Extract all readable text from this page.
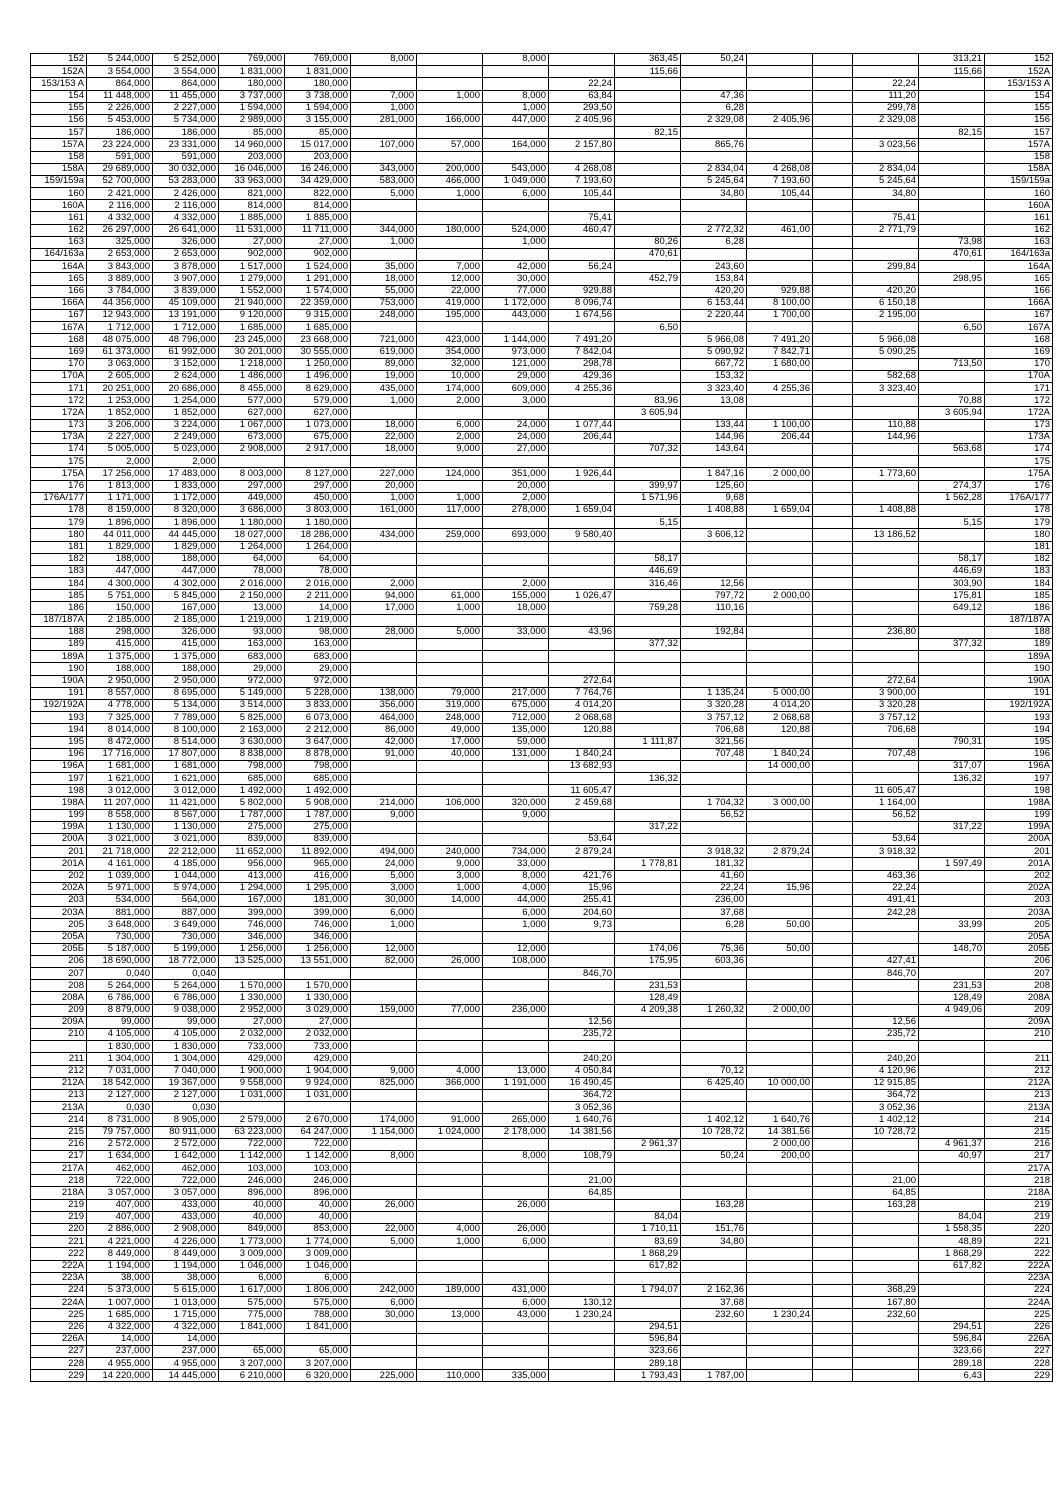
152	5 244,000	5 252,000	769,000	769,000	8,000		8,000		363,45	50,24				313,21	152
152A	3 554,000	3 554,000	1 831,000	1 831,000					115,66					115,66	152A
153/153 A	864,000	864,000	180,000	180,000				22,24					22,24		153/153 A
154	11 448,000	11 455,000	3 737,000	3 738,000	7,000	1,000	8,000	63,84		47,36			111,20		154
155	2 226,000	2 227,000	1 594,000	1 594,000	1,000		1,000	293,50		6,28			299,78		155
156	5 453,000	5 734,000	2 989,000	3 155,000	281,000	166,000	447,000	2 405,96		2 329,08	2 405,96		2 329,08		156
157	186,000	186,000	85,000	85,000					82,15					82,15	157
157A	23 224,000	23 331,000	14 960,000	15 017,000	107,000	57,000	164,000	2 157,80		865,76			3 023,56		157A
158	591,000	591,000	203,000	203,000											158
158A	29 689,000	30 032,000	16 046,000	16 246,000	343,000	200,000	543,000	4 268,08		2 834,04	4 268,08		2 834,04		158A
159/159a	52 700,000	53 283,000	33 963,000	34 429,000	583,000	466,000	1 049,000	7 193,60		5 245,64	7 193,60		5 245,64		159/159a
160	2 421,000	2 426,000	821,000	822,000	5,000	1,000	6,000	105,44		34,80	105,44		34,80		160
160A	2 116,000	2 116,000	814,000	814,000											160A
161	4 332,000	4 332,000	1 885,000	1 885,000				75,41					75,41		161
162	26 297,000	26 641,000	11 531,000	11 711,000	344,000	180,000	524,000	460,47		2 772,32	461,00		2 771,79		162
163	325,000	326,000	27,000	27,000	1,000		1,000		80,26	6,28				73,98	163
164/163a	2 653,000	2 653,000	902,000	902,000					470,61					470,61	164/163a
164A	3 843,000	3 878,000	1 517,000	1 524,000	35,000	7,000	42,000	56,24		243,60			299,84		164A
165	3 889,000	3 907,000	1 279,000	1 291,000	18,000	12,000	30,000		452,79	153,84				298,95	165
166	3 784,000	3 839,000	1 552,000	1 574,000	55,000	22,000	77,000	929,88		420,20	929,88		420,20		166
166A	44 356,000	45 109,000	21 940,000	22 359,000	753,000	419,000	1 172,000	8 096,74		6 153,44	8 100,00		6 150,18		166A
167	12 943,000	13 191,000	9 120,000	9 315,000	248,000	195,000	443,000	1 674,56		2 220,44	1 700,00		2 195,00		167
167A	1 712,000	1 712,000	1 685,000	1 685,000					6,50					6,50	167A
168	48 075,000	48 796,000	23 245,000	23 668,000	721,000	423,000	1 144,000	7 491,20		5 966,08	7 491,20		5 966,08		168
169	61 373,000	61 992,000	30 201,000	30 555,000	619,000	354,000	973,000	7 842,04		5 090,92	7 842,71		5 090,25		169
170	3 063,000	3 152,000	1 218,000	1 250,000	89,000	32,000	121,000	298,78		667,72	1 680,00			713,50	170
170A	2 605,000	2 624,000	1 486,000	1 496,000	19,000	10,000	29,000	429,36		153,32			582,68		170A
171	20 251,000	20 686,000	8 455,000	8 629,000	435,000	174,000	609,000	4 255,36		3 323,40	4 255,36		3 323,40		171
172	1 253,000	1 254,000	577,000	579,000	1,000	2,000	3,000		83,96	13,08				70,88	172
172A	1 852,000	1 852,000	627,000	627,000					3 605,94					3 605,94	172A
173	3 206,000	3 224,000	1 067,000	1 073,000	18,000	6,000	24,000	1 077,44		133,44	1 100,00		110,88		173
173A	2 227,000	2 249,000	673,000	675,000	22,000	2,000	24,000	206,44		144,96	206,44		144,96		173A
174	5 005,000	5 023,000	2 908,000	2 917,000	18,000	9,000	27,000		707,32	143,64				563,68	174
175	2,000	2,000													175
175A	17 256,000	17 483,000	8 003,000	8 127,000	227,000	124,000	351,000	1 926,44		1 847,16	2 000,00		1 773,60		175A
176	1 813,000	1 833,000	297,000	297,000	20,000		20,000		399,97	125,60				274,37	176
176A/177	1 171,000	1 172,000	449,000	450,000	1,000	1,000	2,000		1 571,96	9,68				1 562,28	176A/177
178	8 159,000	8 320,000	3 686,000	3 803,000	161,000	117,000	278,000	1 659,04		1 408,88	1 659,04		1 408,88		178
179	1 896,000	1 896,000	1 180,000	1 180,000					5,15					5,15	179
180	44 011,000	44 445,000	18 027,000	18 286,000	434,000	259,000	693,000	9 580,40		3 606,12			13 186,52		180
181	1 829,000	1 829,000	1 264,000	1 264,000											181
182	188,000	188,000	64,000	64,000					58,17					58,17	182
183	447,000	447,000	78,000	78,000					446,69					446,69	183
184	4 300,000	4 302,000	2 016,000	2 016,000	2,000		2,000		316,46	12,56				303,90	184
185	5 751,000	5 845,000	2 150,000	2 211,000	94,000	61,000	155,000	1 026,47		797,72	2 000,00			175,81	185
186	150,000	167,000	13,000	14,000	17,000	1,000	18,000		759,28	110,16				649,12	186
187/187A	2 185,000	2 185,000	1 219,000	1 219,000											187/187A
188	298,000	326,000	93,000	98,000	28,000	5,000	33,000	43,96		192,84			236,80		188
189	415,000	415,000	163,000	163,000					377,32					377,32	189
189A	1 375,000	1 375,000	683,000	683,000											189A
190	188,000	188,000	29,000	29,000											190
190A	2 950,000	2 950,000	972,000	972,000				272,64					272,64		190A
191	8 557,000	8 695,000	5 149,000	5 228,000	138,000	79,000	217,000	7 764,76		1 135,24	5 000,00		3 900,00		191
192/192A	4 778,000	5 134,000	3 514,000	3 833,000	356,000	319,000	675,000	4 014,20		3 320,28	4 014,20		3 320,28		192/192A
193	7 325,000	7 789,000	5 825,000	6 073,000	464,000	248,000	712,000	2 068,68		3 757,12	2 068,68		3 757,12		193
194	8 014,000	8 100,000	2 163,000	2 212,000	86,000	49,000	135,000	120,88		706,68	120,88		706,68		194
195	8 472,000	8 514,000	3 630,000	3 647,000	42,000	17,000	59,000		1 111,87	321,56				790,31	195
196	17 716,000	17 807,000	8 838,000	8 878,000	91,000	40,000	131,000	1 840,24		707,48	1 840,24		707,48		196
196A	1 681,000	1 681,000	798,000	798,000				13 682,93			14 000,00			317,07	196A
197	1 621,000	1 621,000	685,000	685,000					136,32					136,32	197
198	3 012,000	3 012,000	1 492,000	1 492,000				11 605,47					11 605,47		198
198A	11 207,000	11 421,000	5 802,000	5 908,000	214,000	106,000	320,000	2 459,68		1 704,32	3 000,00		1 164,00		198A
199	8 558,000	8 567,000	1 787,000	1 787,000	9,000		9,000			56,52			56,52		199
199A	1 130,000	1 130,000	275,000	275,000					317,22					317,22	199A
200A	3 021,000	3 021,000	839,000	839,000				53,64					53,64		200A
201	21 718,000	22 212,000	11 652,000	11 892,000	494,000	240,000	734,000	2 879,24		3 918,32	2 879,24		3 918,32		201
201A	4 161,000	4 185,000	956,000	965,000	24,000	9,000	33,000		1 778,81	181,32				1 597,49	201A
202	1 039,000	1 044,000	413,000	416,000	5,000	3,000	8,000	421,76		41,60			463,36		202
202A	5 971,000	5 974,000	1 294,000	1 295,000	3,000	1,000	4,000	15,96		22,24	15,96		22,24		202A
203	534,000	564,000	167,000	181,000	30,000	14,000	44,000	255,41		236,00			491,41		203
203A	881,000	887,000	399,000	399,000	6,000		6,000	204,60		37,68			242,28		203A
205	3 648,000	3 649,000	746,000	746,000	1,000		1,000	9,73		6,28	50,00			33,99	205
205A	730,000	730,000	346,000	346,000											205A
205Б	5 187,000	5 199,000	1 256,000	1 256,000	12,000		12,000		174,06	75,36	50,00			148,70	205Б
206	18 690,000	18 772,000	13 525,000	13 551,000	82,000	26,000	108,000		175,95	603,36			427,41		206
207	0,040	0,040						846,70					846,70		207
208	5 264,000	5 264,000	1 570,000	1 570,000					231,53					231,53	208
208A	6 786,000	6 786,000	1 330,000	1 330,000					128,49					128,49	208A
209	8 879,000	9 038,000	2 952,000	3 029,000	159,000	77,000	236,000		4 209,38	1 260,32	2 000,00			4 949,06	209
209A	99,000	99,000	27,000	27,000				12,56					12,56		209A
210	4 105,000	4 105,000	2 032,000	2 032,000				235,72					235,72		210
	1 830,000	1 830,000	733,000	733,000											
211	1 304,000	1 304,000	429,000	429,000				240,20					240,20		211
212	7 031,000	7 040,000	1 900,000	1 904,000	9,000	4,000	13,000	4 050,84		70,12			4 120,96		212
212A	18 542,000	19 367,000	9 558,000	9 924,000	825,000	366,000	1 191,000	16 490,45		6 425,40	10 000,00		12 915,85		212A
213	2 127,000	2 127,000	1 031,000	1 031,000				364,72					364,72		213
213A	0,030	0,030						3 052,36					3 052,36		213A
214	8 731,000	8 905,000	2 579,000	2 670,000	174,000	91,000	265,000	1 640,76		1 402,12	1 640,76		1 402,12		214
215	79 757,000	80 911,000	63 223,000	64 247,000	1 154,000	1 024,000	2 178,000	14 381,56		10 728,72	14 381,56		10 728,72		215
216	2 572,000	2 572,000	722,000	722,000					2 961,37		2 000,00			4 961,37	216
217	1 634,000	1 642,000	1 142,000	1 142,000	8,000		8,000	108,79		50,24	200,00			40,97	217
217A	462,000	462,000	103,000	103,000											217A
218	722,000	722,000	246,000	246,000				21,00					21,00		218
218A	3 057,000	3 057,000	896,000	896,000				64,85					64,85		218A
219	407,000	433,000	40,000	40,000	26,000		26,000			163,28			163,28		219
219	407,000	433,000	40,000	40,000					84,04					84,04	219
220	2 886,000	2 908,000	849,000	853,000	22,000	4,000	26,000		1 710,11	151,76				1 558,35	220
221	4 221,000	4 226,000	1 773,000	1 774,000	5,000	1,000	6,000		83,69	34,80				48,89	221
222	8 449,000	8 449,000	3 009,000	3 009,000					1 868,29					1 868,29	222
222A	1 194,000	1 194,000	1 046,000	1 046,000					617,82					617,82	222A
223A	38,000	38,000	6,000	6,000											223A
224	5 373,000	5 615,000	1 617,000	1 806,000	242,000	189,000	431,000		1 794,07	2 162,36			368,29		224
224A	1 007,000	1 013,000	575,000	575,000	6,000		6,000	130,12		37,68			167,80		224A
225	1 685,000	1 715,000	775,000	788,000	30,000	13,000	43,000	1 230,24		232,60	1 230,24		232,60		225
226	4 322,000	4 322,000	1 841,000	1 841,000					294,51					294,51	226
226A	14,000	14,000							596,84					596,84	226A
227	237,000	237,000	65,000	65,000					323,66					323,66	227
228	4 955,000	4 955,000	3 207,000	3 207,000					289,18					289,18	228
229	14 220,000	14 445,000	6 210,000	6 320,000	225,000	110,000	335,000		1 793,43	1 787,00				6,43	229
